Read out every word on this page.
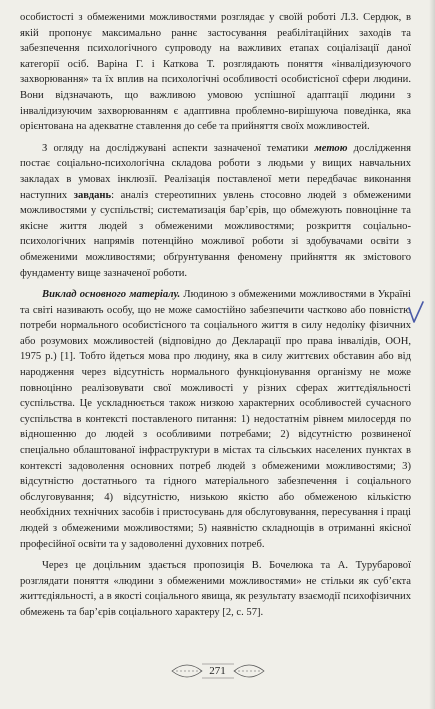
особистості з обмеженими можливостями розглядає у своїй роботі Л.З. Сердюк, в якій пропонує максимально раннє застосування реабілітаційних заходів та забезпечення психологічного супроводу на важливих етапах соціалізації даної категорії осіб. Варіна Г. і Каткова Т. розглядають поняття «інвалідизуючого захворювання» та їх вплив на психологічні особливості особистісної сфери людини. Вони відзначають, що важливою умовою успішної адаптації людини з інвалідизуючим захворюванням є адаптивна проблемно-вирішуюча поведінка, яка орієнтована на адекватне ставлення до себе та прийняття своїх можливостей.

З огляду на досліджувані аспекти зазначеної тематики метою дослідження постає соціально-психологічна складова роботи з людьми у вищих навчальних закладах в умовах інклюзії. Реалізація поставленої мети передбачає виконання наступних завдань: аналіз стереотипних увлень стосовно людей з обмеженими можливостями у суспільстві; систематизація бар’єрів, що обмежують повноцінне та якісне життя людей з обмеженими можливостями; розкриття соціально-психологічних напрямів потенційно можливої роботи зі здобувачами освіти з обмеженими можливостями; обґрунтування феномену прийняття як змістового фундаменту вище зазначеної роботи.

Виклад основного матеріалу. Людиною з обмеженими можливостями в Україні та світі називають особу, що не може самостійно забезпечити частково або повністю потреби нормального особистісного та соціального життя в силу недоліку фізичних або розумових можливостей (відповідно до Декларації про права інвалідів, ООН, 1975 р.) [1]. Тобто йдеться мова про людину, яка в силу життєвих обставин або від народження через відсутність нормального функціонування організму не може повноцінно реалізовувати свої можливості у різних сферах життєдіяльності суспільства. Це ускладнюється також низкою характерних особливостей сучасного суспільства в контексті поставленого питання: 1) недостатнім рівнем милосердя по відношенню до людей з особливими потребами; 2) відсутністю розвиненої спеціально облаштованої інфраструктури в містах та сільських населених пунктах в контексті задоволення основних потреб людей з обмеженими можливостями; 3) відсутністю достатнього та гідного матеріального забезпечення і соціального обслуговування; 4) відсутністю, низькою якістю або обмеженою кількістю необхідних технічних засобів і пристосувань для обслуговування, пересування і праці людей з обмеженими можливостями; 5) наявністю складнощів в отриманні якісної професійної освіти та у задоволенні духовних потреб.

Через це доцільним здається пропозиція В. Бочелюка та А. Турубарової розглядати поняття «людини з обмеженими можливостями» не стільки як суб’єкта життєдіяльності, а в якості соціального явища, як результату взаємодії психофізичних обмежень та бар’єрів соціального характеру [2, с. 57].

271
